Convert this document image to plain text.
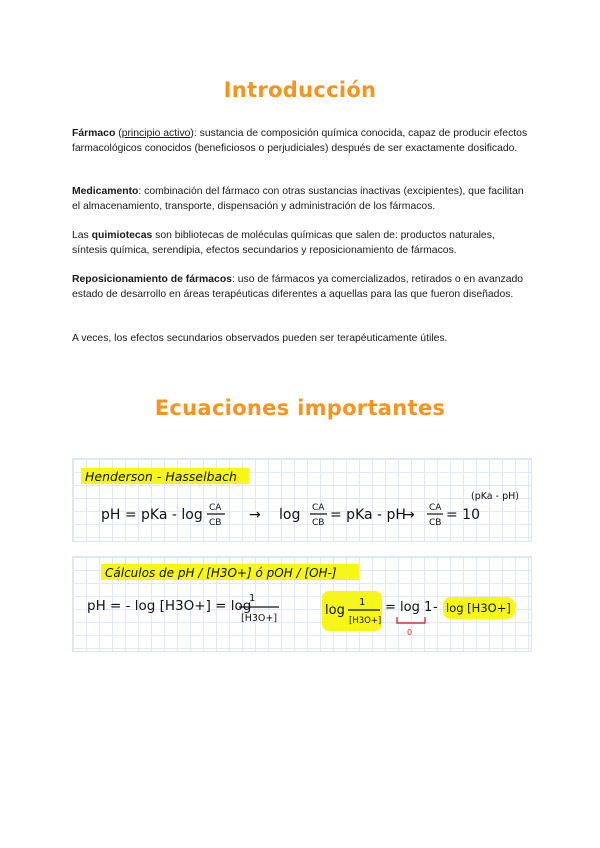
Introducción

Fármaco (principio activo): sustancia de composición química conocida, capaz de producir efectos farmacológicos conocidos (beneficiosos o perjudiciales) después de ser exactamente dosificado.

Medicamento: combinación del fármaco con otras sustancias inactivas (excipientes), que facilitan el almacenamiento, transporte, dispensación y administración de los fármacos.

Las quimiotecas son bibliotecas de moléculas químicas que salen de: productos naturales, síntesis química, serendipia, efectos secundarios y reposicionamiento de fármacos.

Reposicionamiento de fármacos: uso de fármacos ya comercializados, retirados o en avanzado estado de desarrollo en áreas terapéuticas diferentes a aquellas para las que fueron diseñados.

A veces, los efectos secundarios observados pueden ser terapéuticamente útiles.

Ecuaciones importantes
Henderson - Hasselbach
pH = pKa - log CA
CB → log CA
CB = pKa - pH
→ CA
CB = 10
(pKa - pH)
Cálculos de pH / [H3O+] ó pOH / [OH-]
pH = - log [H3O+] = log
1
[H3O+]
log
1
[H3O+]
= log 1
0
- log [H3O+]
